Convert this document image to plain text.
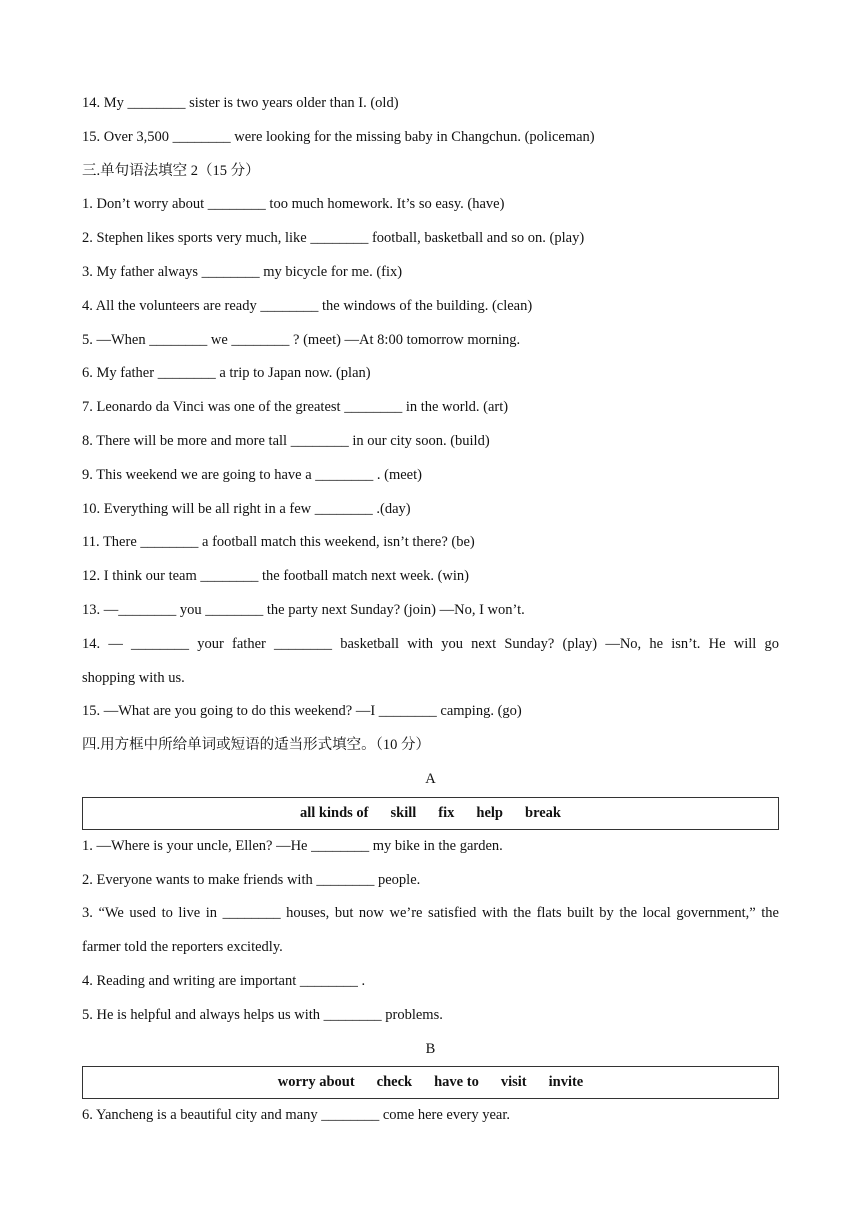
14. My ________ sister is two years older than I. (old)
15. Over 3,500 ________ were looking for the missing baby in Changchun. (policeman)
三.单句语法填空 2（15 分）
1. Don’t worry about ________ too much homework. It’s so easy. (have)
2. Stephen likes sports very much, like ________ football, basketball and so on. (play)
3. My father always ________ my bicycle for me. (fix)
4. All the volunteers are ready ________ the windows of the building. (clean)
5. —When ________ we ________ ? (meet) —At 8:00 tomorrow morning.
6. My father ________ a trip to Japan now. (plan)
7. Leonardo da Vinci was one of the greatest ________ in the world. (art)
8. There will be more and more tall ________ in our city soon. (build)
9. This weekend we are going to have a ________ . (meet)
10. Everything will be all right in a few ________ .(day)
11. There ________ a football match this weekend, isn’t there? (be)
12. I think our team ________ the football match next week. (win)
13. —________ you ________ the party next Sunday? (join) —No, I won’t.
14. — ________ your father ________ basketball with you next Sunday? (play) —No, he isn’t. He will go
shopping with us.
15. —What are you going to do this weekend? —I ________ camping. (go)
四.用方框中所给单词或短语的适当形式填空。（10 分）
A
all kinds of skill fix help break
1. —Where is your uncle, Ellen? —He ________ my bike in the garden.
2. Everyone wants to make friends with ________ people.
3. “We used to live in ________ houses, but now we’re satisfied with the flats built by the local government,” the
farmer told the reporters excitedly.
4. Reading and writing are important ________ .
5. He is helpful and always helps us with ________ problems.
B
worry about check have to visit invite
6. Yancheng is a beautiful city and many ________ come here every year.
